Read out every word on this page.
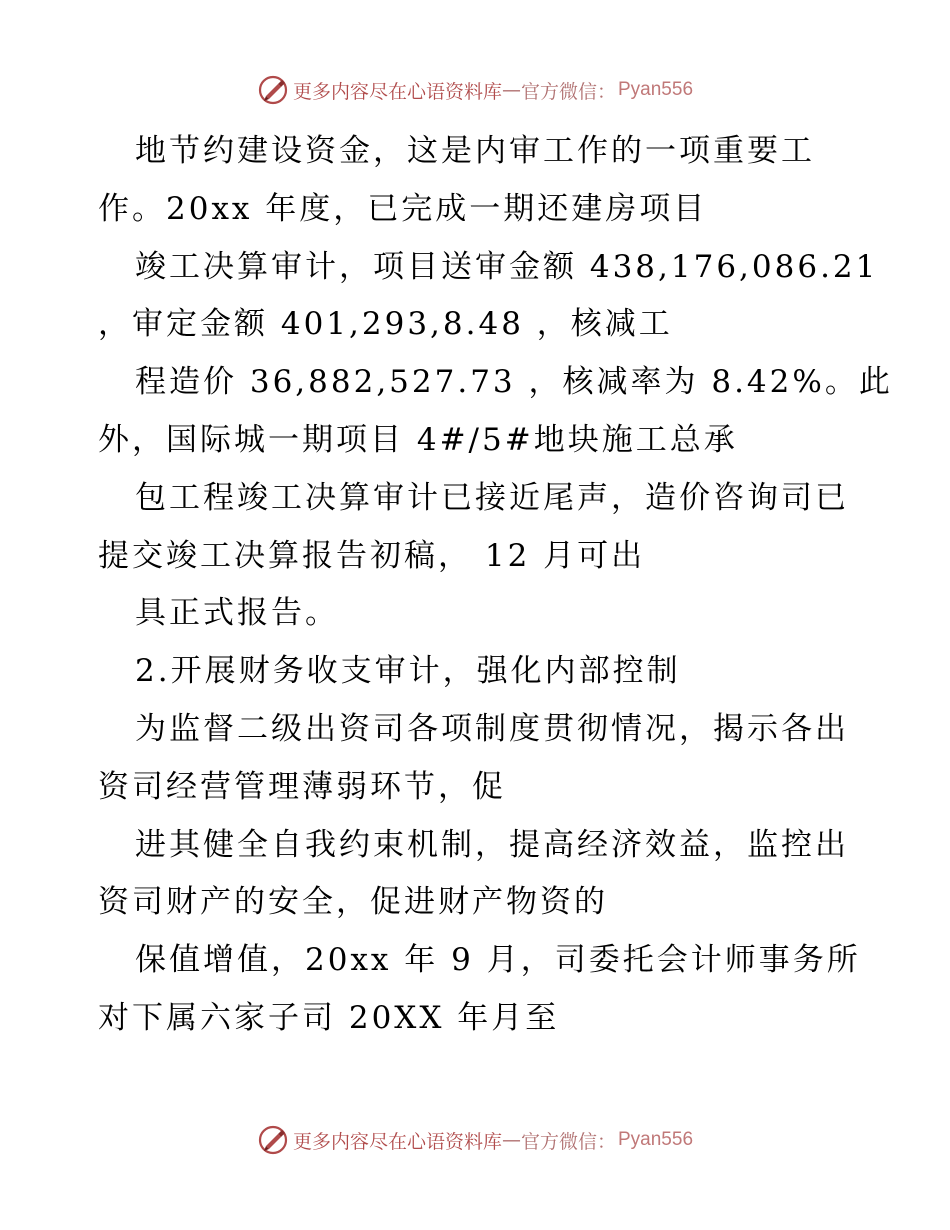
更多内容尽在心语资料库 — 官方微信： Pyan556
地节约建设资金，这是内审工作的一项重要工
作。20xx 年度，已完成一期还建房项目
竣工决算审计，项目送审金额 438,176,086.21
，审定金额 401,293,8.48 ，核减工
程造价 36,882,527.73 ，核减率为 8.42%。此
外，国际城一期项目 4#/5#地块施工总承
包工程竣工决算审计已接近尾声，造价咨询司已
提交竣工决算报告初稿， 12 月可出
具正式报告。
2.开展财务收支审计，强化内部控制
为监督二级出资司各项制度贯彻情况，揭示各出
资司经营管理薄弱环节，促
进其健全自我约束机制，提高经济效益，监控出
资司财产的安全，促进财产物资的
保值增值，20xx 年 9 月，司委托会计师事务所
对下属六家子司 20XX 年月至
更多内容尽在心语资料库 — 官方微信： Pyan556
